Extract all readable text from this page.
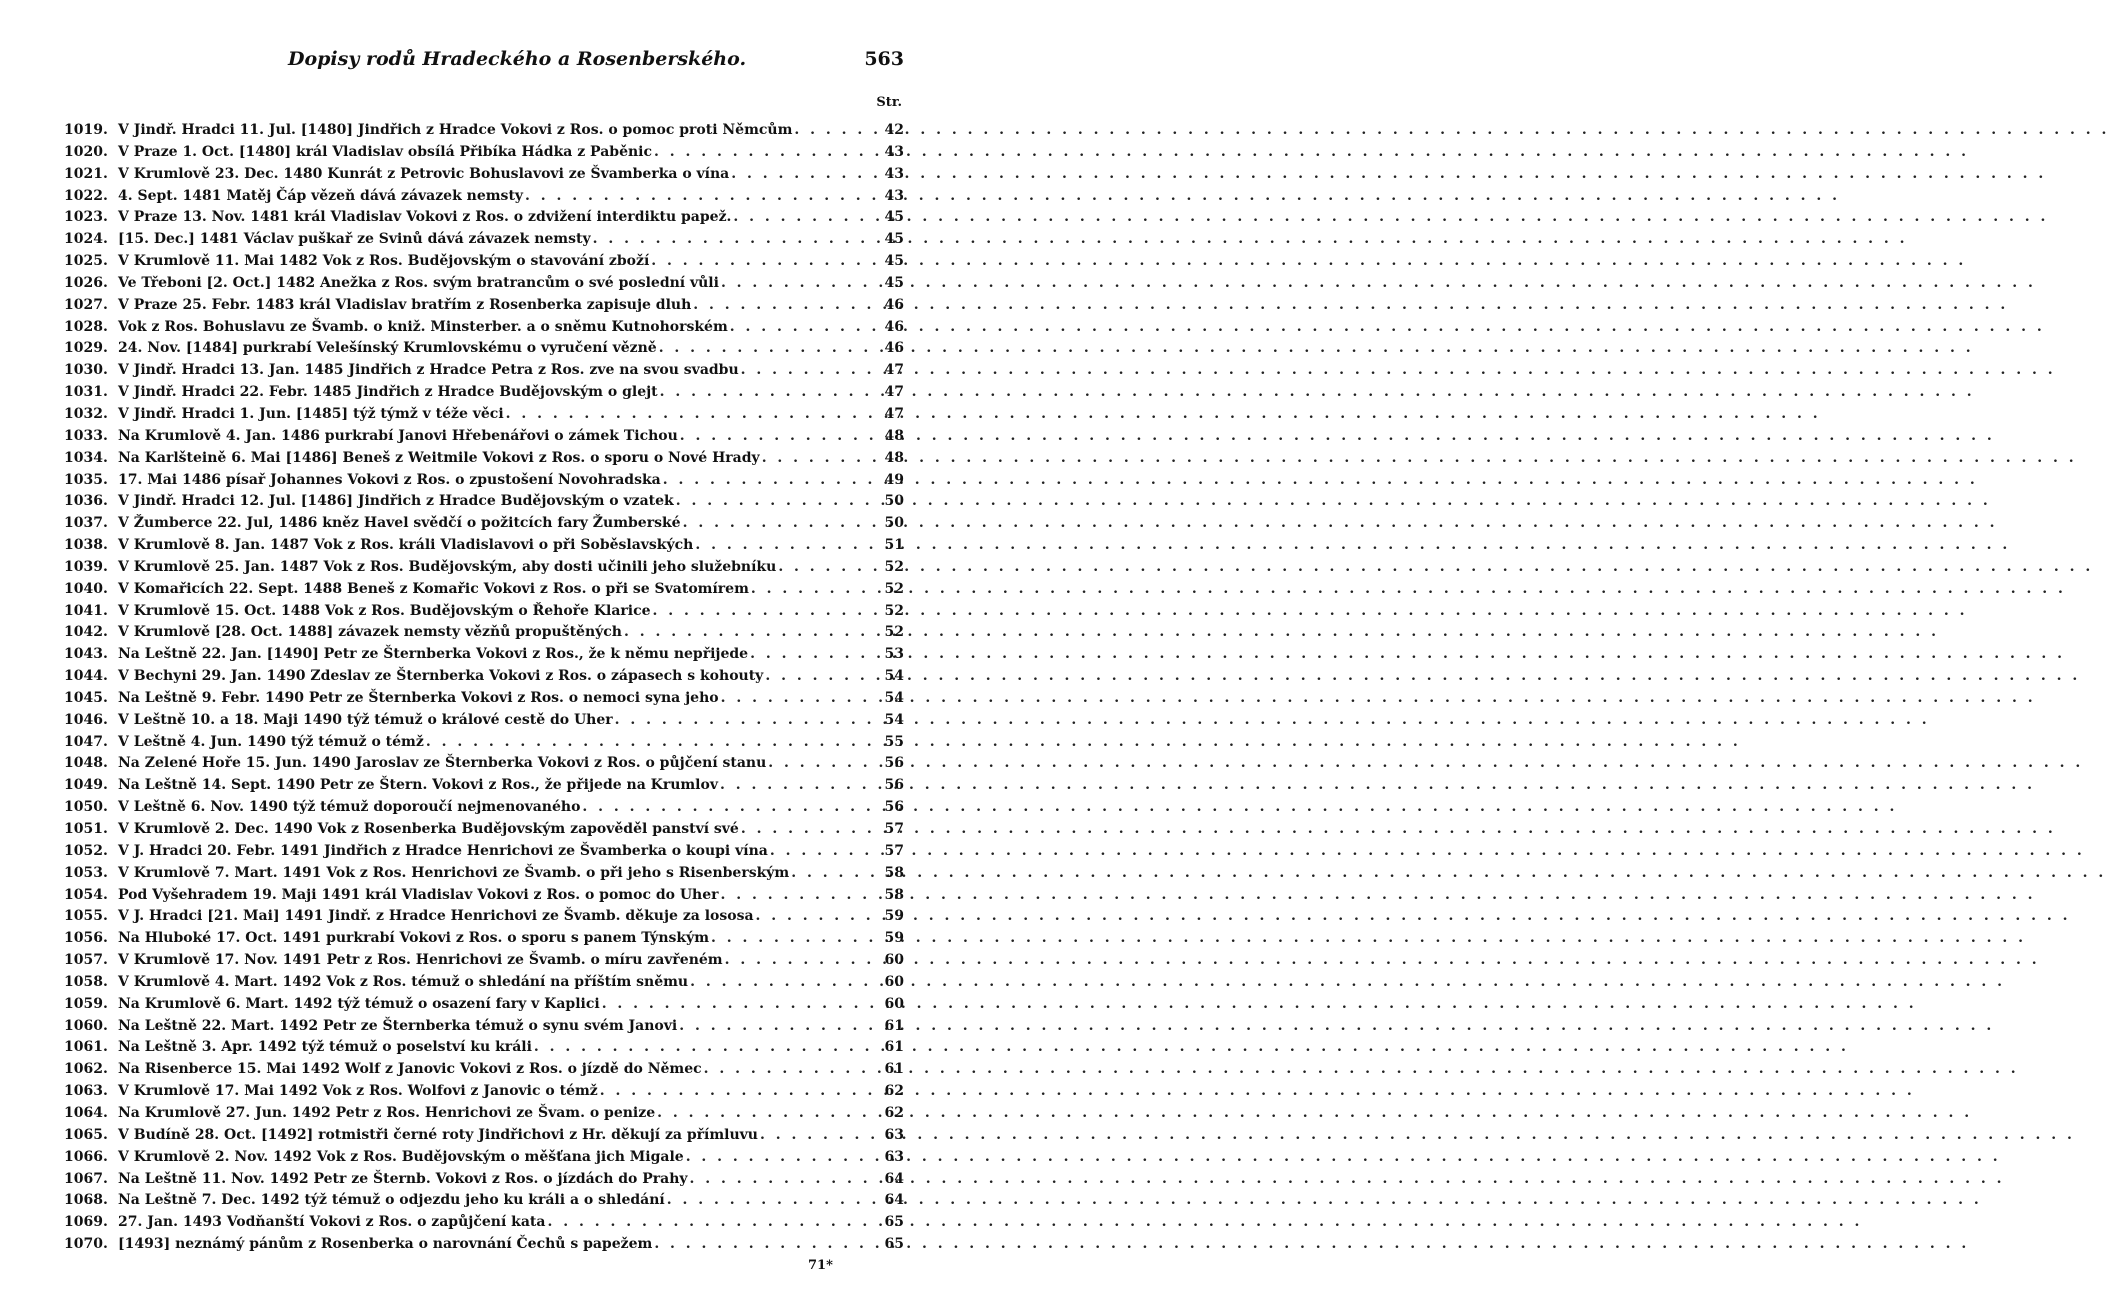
Dopisy rodů Hradeckého a Rosenberského.	563
Str.
1019. V Jindř. Hradci 11. Jul. [1480] Jindřich z Hradce Vokovi z Ros. o pomoc proti Němcům . . .	42
1020. V Praze 1. Oct. [1480] král Vladislav obsílá Přibíka Hádka z Paběnic . . .	43
1021. V Krumlově 23. Dec. 1480 Kunrát z Petrovic Bohuslavovi ze Švamberka o vína . . .	43
1022. 4. Sept. 1481 Matěj Čáp vězeň dává závazek nemsty . . .	43
1023. V Praze 13. Nov. 1481 král Vladislav Vokovi z Ros. o zdvižení interdiktu papež. . . .	45
1024. [15. Dec.] 1481 Václav puškař ze Svinů dává závazek nemsty . . .	45
1025. V Krumlově 11. Mai 1482 Vok z Ros. Budějovským o stavování zboží . . .	45
1026. Ve Třeboni [2. Oct.] 1482 Anežka z Ros. svým bratrancům o své poslední vůli . . .	45
1027. V Praze 25. Febr. 1483 král Vladislav bratřím z Rosenberka zapisuje dluh . . .	46
1028. Vok z Ros. Bohuslavu ze Švamb. o kniž. Minsterber. a o sněmu Kutnohorském . . .	46
1029. 24. Nov. [1484] purkrabí Velešínský Krumlovskému o vyručení vězně . . .	46
1030. V Jindř. Hradci 13. Jan. 1485 Jindřich z Hradce Petra z Ros. zve na svou svadbu . . .	47
1031. V Jindř. Hradci 22. Febr. 1485 Jindřich z Hradce Budějovským o glejt . . .	47
1032. V Jindř. Hradci 1. Jun. [1485] týž týmž v téže věci . . .	47
1033. Na Krumlově 4. Jan. 1486 purkrabí Janovi Hřebenářovi o zámek Tichou . . .	48
1034. Na Karlšteině 6. Mai [1486] Beneš z Weitmile Vokovi z Ros. o sporu o Nové Hrady . . .	48
1035. 17. Mai 1486 písař Johannes Vokovi z Ros. o zpustošení Novohradska . . .	49
1036. V Jindř. Hradci 12. Jul. [1486] Jindřich z Hradce Budějovským o vzatek . . .	50
1037. V Žumberce 22. Jul, 1486 kněz Havel svědčí o požitcích fary Žumberské . . .	50
1038. V Krumlově 8. Jan. 1487 Vok z Ros. králi Vladislavovi o při Soběslavských . . .	51
1039. V Krumlově 25. Jan. 1487 Vok z Ros. Budějovským, aby dosti učinili jeho služebníku . . .	52
1040. V Komařicích 22. Sept. 1488 Beneš z Komařic Vokovi z Ros. o při se Svatomírem . . .	52
1041. V Krumlově 15. Oct. 1488 Vok z Ros. Budějovským o Řehoře Klarice . . .	52
1042. V Krumlově [28. Oct. 1488] závazek nemsty vězňů propuštěných . . .	52
1043. Na Leštně 22. Jan. [1490] Petr ze Šternberka Vokovi z Ros., že k němu nepřijede . . .	53
1044. V Bechyni 29. Jan. 1490 Zdeslav ze Šternberka Vokovi z Ros. o zápasech s kohouty . . .	54
1045. Na Leštně 9. Febr. 1490 Petr ze Šternberka Vokovi z Ros. o nemoci syna jeho . . .	54
1046. V Leštně 10. a 18. Maji 1490 týž témuž o králové cestě do Uher . . .	54
1047. V Leštně 4. Jun. 1490 týž témuž o témž . . .	55
1048. Na Zelené Hoře 15. Jun. 1490 Jaroslav ze Šternberka Vokovi z Ros. o půjčení stanu . . .	56
1049. Na Leštně 14. Sept. 1490 Petr ze Štern. Vokovi z Ros., že přijede na Krumlov . . .	56
1050. V Leštně 6. Nov. 1490 týž témuž doporoučí nejmenovaného . . .	56
1051. V Krumlově 2. Dec. 1490 Vok z Rosenberka Budějovským zapověděl panství své . . .	57
1052. V J. Hradci 20. Febr. 1491 Jindřich z Hradce Henrichovi ze Švamberka o koupi vína . . .	57
1053. V Krumlově 7. Mart. 1491 Vok z Ros. Henrichovi ze Švamb. o při jeho s Risenberským . . .	58
1054. Pod Vyšehradem 19. Maji 1491 král Vladislav Vokovi z Ros. o pomoc do Uher . . .	58
1055. V J. Hradci [21. Mai] 1491 Jindř. z Hradce Henrichovi ze Švamb. děkuje za lososa . . .	59
1056. Na Hluboké 17. Oct. 1491 purkrabí Vokovi z Ros. o sporu s panem Týnským . . .	59
1057. V Krumlově 17. Nov. 1491 Petr z Ros. Henrichovi ze Švamb. o míru zavřeném . . .	60
1058. V Krumlově 4. Mart. 1492 Vok z Ros. témuž o shledání na příštím sněmu . . .	60
1059. Na Krumlově 6. Mart. 1492 týž témuž o osazení fary v Kaplici . . .	60
1060. Na Leštně 22. Mart. 1492 Petr ze Šternberka témuž o synu svém Janovi . . .	61
1061. Na Leštně 3. Apr. 1492 týž témuž o poselství ku králi . . .	61
1062. Na Risenberce 15. Mai 1492 Wolf z Janovic Vokovi z Ros. o jízdě do Němec . . .	61
1063. V Krumlově 17. Mai 1492 Vok z Ros. Wolfovi z Janovic o témž . . .	62
1064. Na Krumlově 27. Jun. 1492 Petr z Ros. Henrichovi ze Švam. o penize . . .	62
1065. V Budíně 28. Oct. [1492] rotmistři černé roty Jindřichovi z Hr. děkují za přímluvu . . .	63
1066. V Krumlově 2. Nov. 1492 Vok z Ros. Budějovským o měšťana jich Migale . . .	63
1067. Na Leštně 11. Nov. 1492 Petr ze Šternb. Vokovi z Ros. o jízdách do Prahy . . .	64
1068. Na Leštně 7. Dec. 1492 týž témuž o odjezdu jeho ku králi a o shledání . . .	64
1069. 27. Jan. 1493 Vodňanští Vokovi z Ros. o zapůjčení kata . . .	65
1070. [1493] neznámý pánům z Rosenberka o narovnání Čechů s papežem . . .	65
71*
